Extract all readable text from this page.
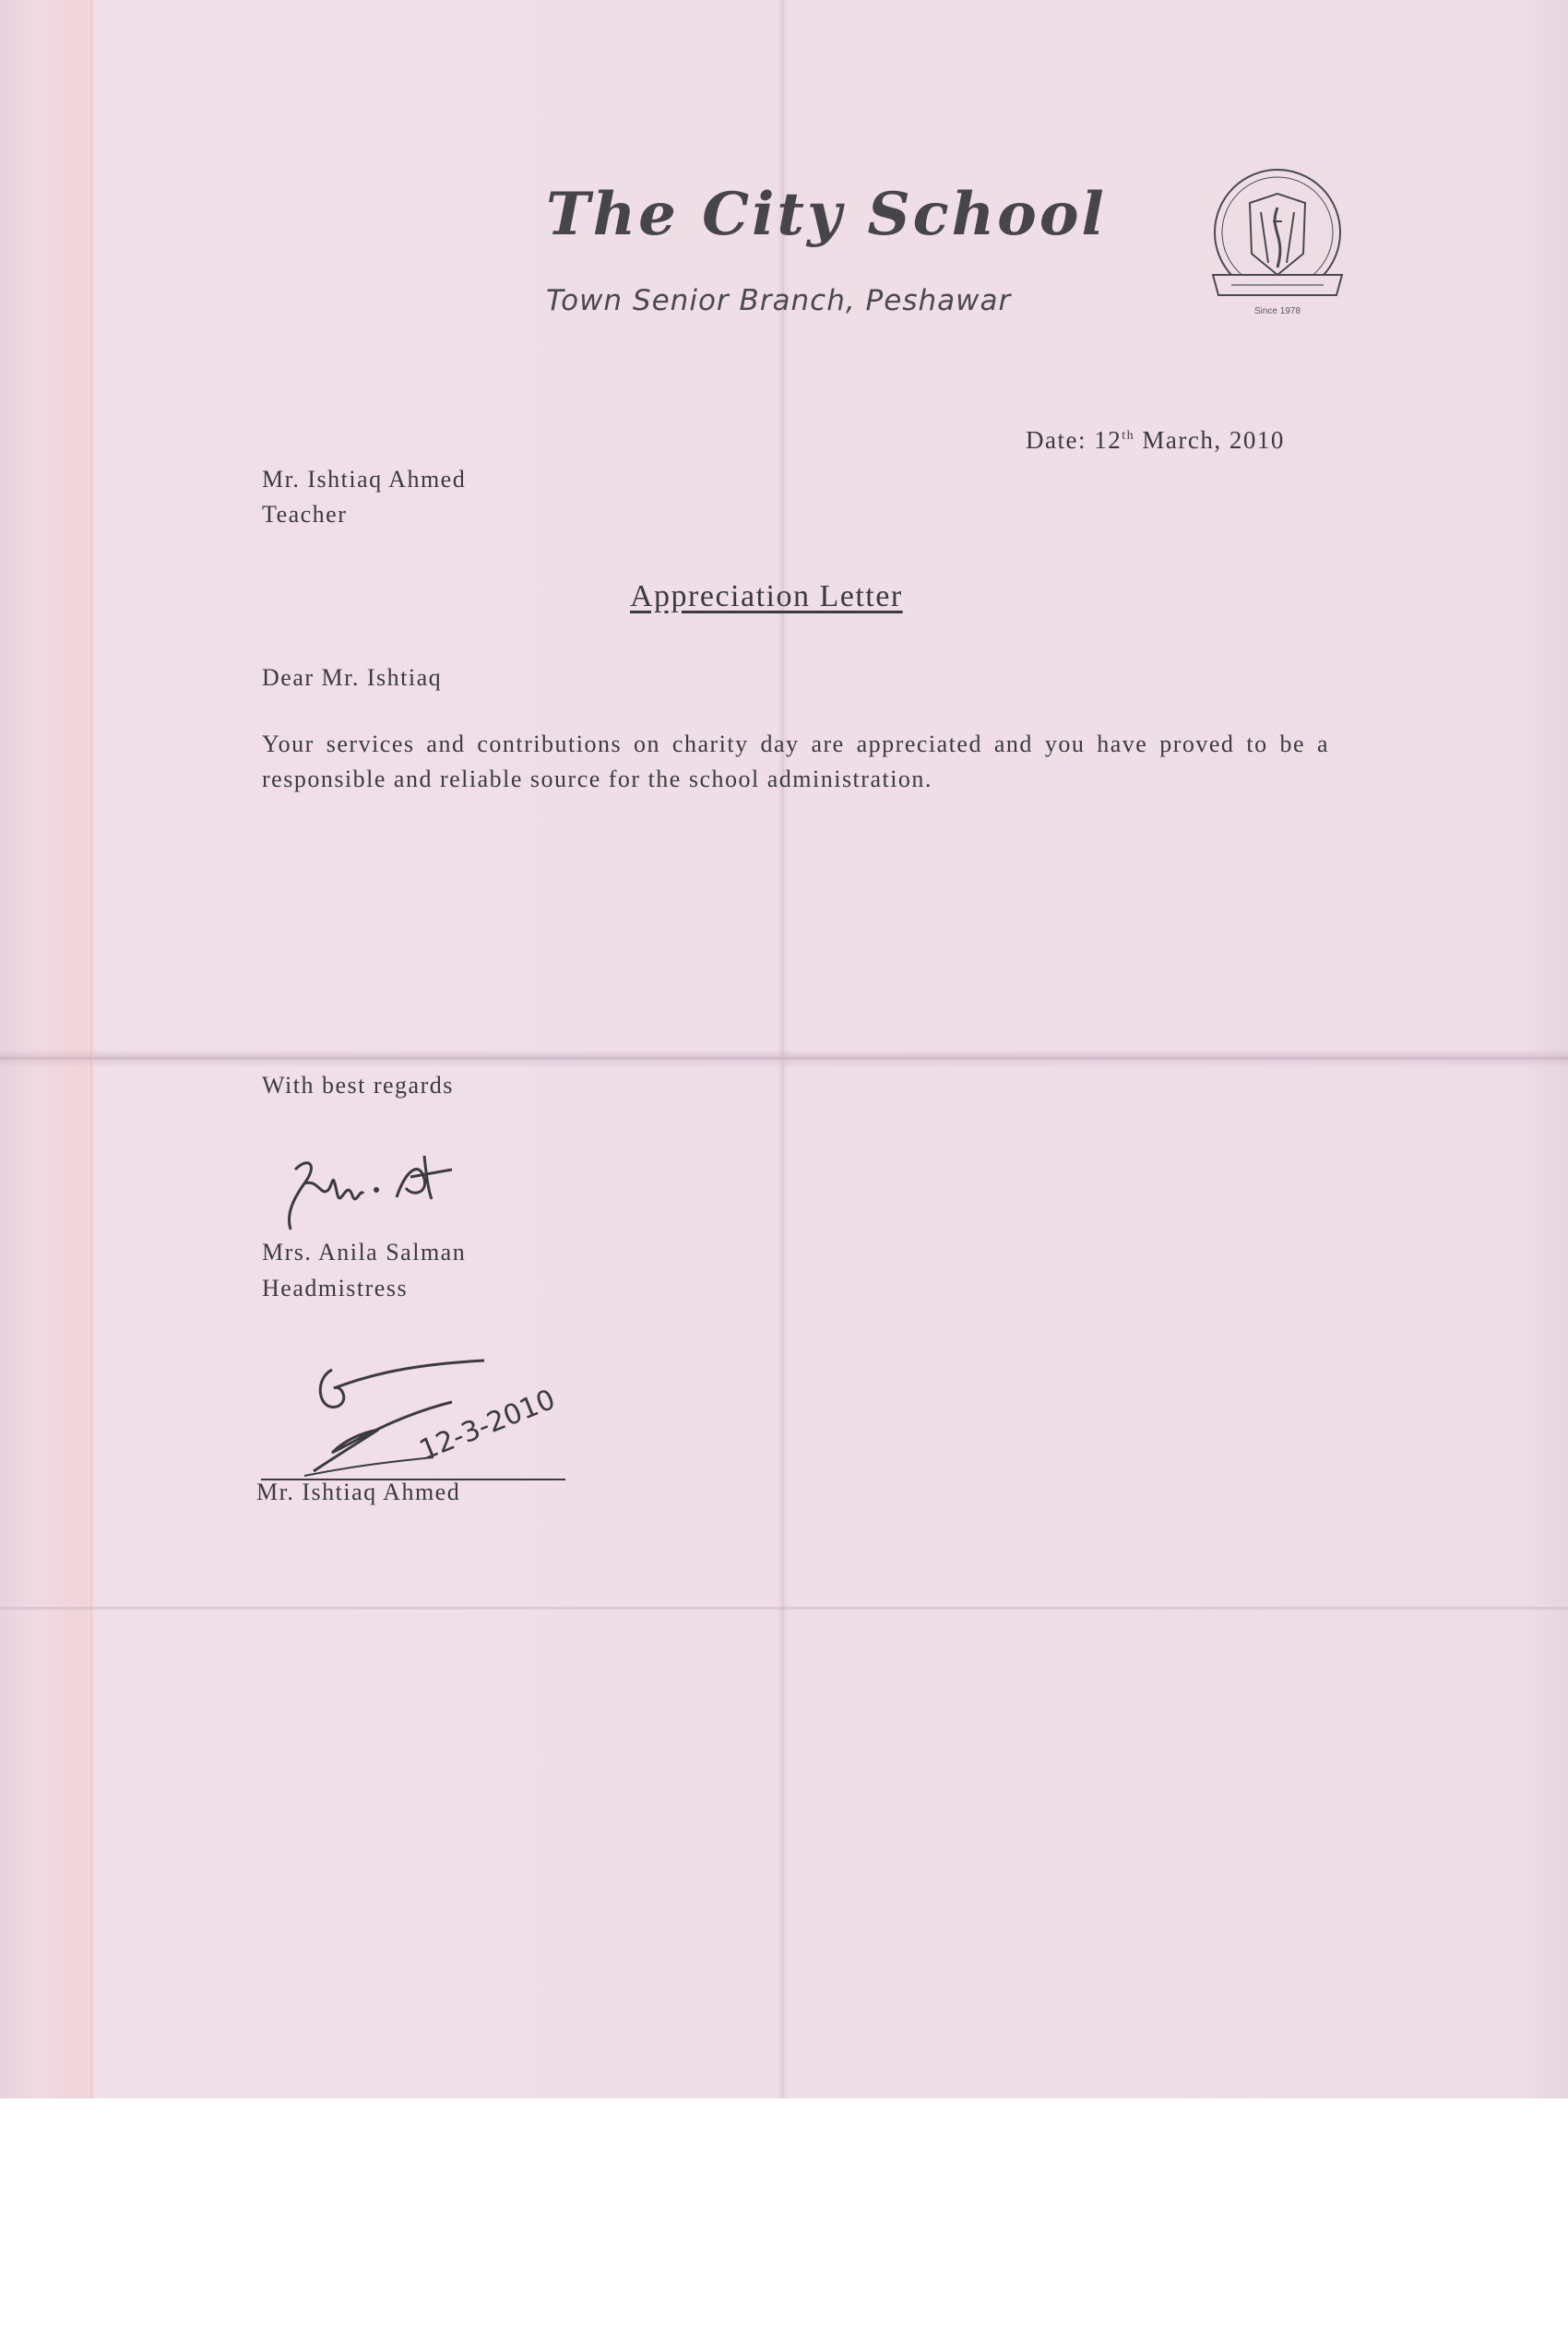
The City School
Town Senior Branch, Peshawar	Since 1978
Date: 12th March, 2010
Mr. Ishtiaq Ahmed
Teacher
Appreciation Letter
Dear Mr. Ishtiaq
Your services and contributions on charity day are appreciated and you have proved to be a responsible and reliable source for the school administration.
With best regards
Mrs. Anila Salman
Headmistress
12-3-2010
Mr. Ishtiaq Ahmed
